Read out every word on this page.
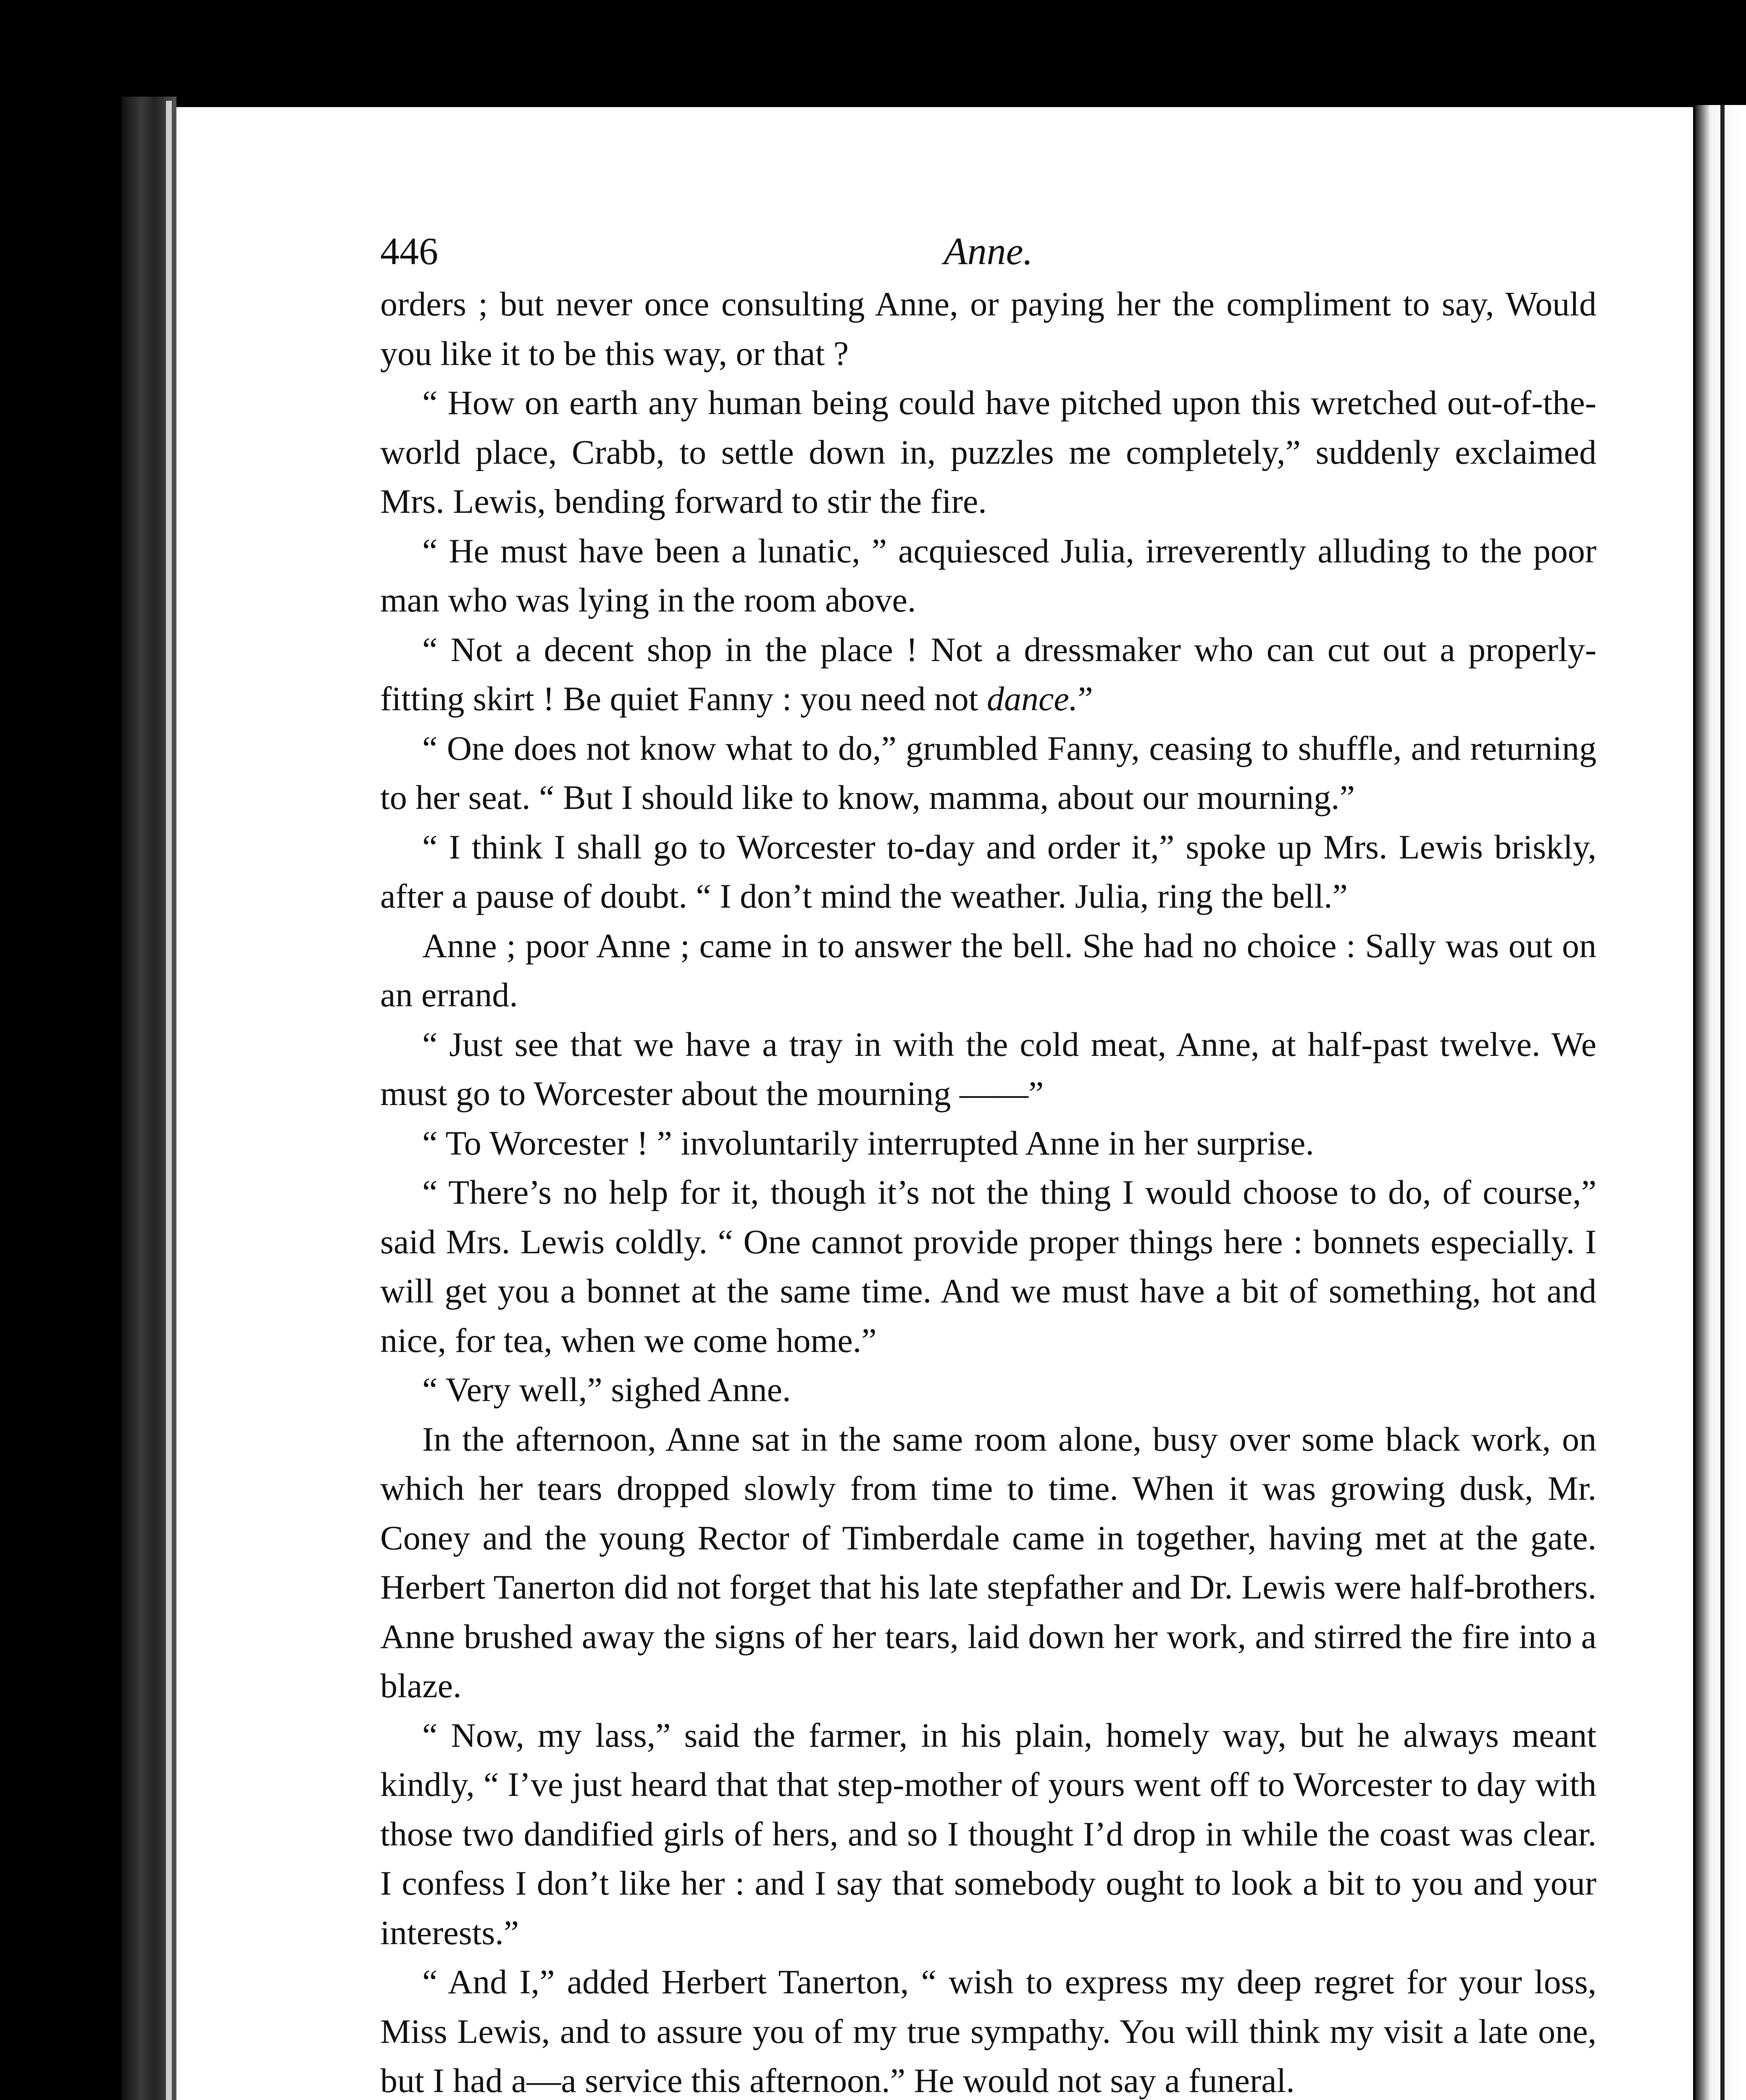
446	Anne.

orders ; but never once consulting Anne, or paying her the compliment to say, Would you like it to be this way, or that ?

“ How on earth any human being could have pitched upon this wretched out-of-the-world place, Crabb, to settle down in, puzzles me completely,” suddenly exclaimed Mrs. Lewis, bending forward to stir the fire.

“ He must have been a lunatic, ” acquiesced Julia, irreverently alluding to the poor man who was lying in the room above.

“ Not a decent shop in the place ! Not a dressmaker who can cut out a properly-fitting skirt ! Be quiet Fanny : you need not dance.”

“ One does not know what to do,” grumbled Fanny, ceasing to shuffle, and returning to her seat. “ But I should like to know, mamma, about our mourning.”

“ I think I shall go to Worcester to-day and order it,” spoke up Mrs. Lewis briskly, after a pause of doubt. “ I don’t mind the weather. Julia, ring the bell.”

Anne ; poor Anne ; came in to answer the bell. She had no choice : Sally was out on an errand.

“ Just see that we have a tray in with the cold meat, Anne, at half-past twelve. We must go to Worcester about the mourning ——”

“ To Worcester ! ” involuntarily interrupted Anne in her surprise.

“ There’s no help for it, though it’s not the thing I would choose to do, of course,” said Mrs. Lewis coldly. “ One cannot provide proper things here : bonnets especially. I will get you a bonnet at the same time. And we must have a bit of something, hot and nice, for tea, when we come home.”

“ Very well,” sighed Anne.

In the afternoon, Anne sat in the same room alone, busy over some black work, on which her tears dropped slowly from time to time. When it was growing dusk, Mr. Coney and the young Rector of Timberdale came in together, having met at the gate. Herbert Tanerton did not forget that his late stepfather and Dr. Lewis were half-brothers. Anne brushed away the signs of her tears, laid down her work, and stirred the fire into a blaze.

“ Now, my lass,” said the farmer, in his plain, homely way, but he always meant kindly, “ I’ve just heard that that step-mother of yours went off to Worcester to day with those two dandified girls of hers, and so I thought I’d drop in while the coast was clear. I confess I don’t like her : and I say that somebody ought to look a bit to you and your interests.”

“ And I,” added Herbert Tanerton, “ wish to express my deep regret for your loss, Miss Lewis, and to assure you of my true sympathy. You will think my visit a late one, but I had a—a service this afternoon.” He would not say a funeral.
